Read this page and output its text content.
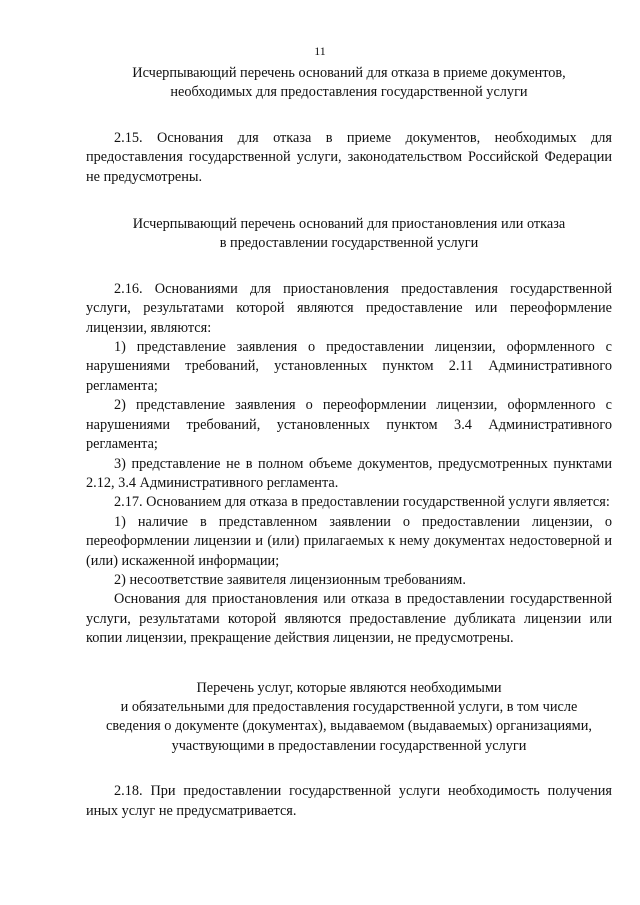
11
Исчерпывающий перечень оснований для отказа в приеме документов,
необходимых для предоставления государственной услуги

2.15. Основания для отказа в приеме документов, необходимых для предоставления государственной услуги, законодательством Российской Федерации не предусмотрены.

Исчерпывающий перечень оснований для приостановления или отказа
в предоставлении государственной услуги

2.16. Основаниями для приостановления предоставления государственной услуги, результатами которой являются предоставление или переоформление лицензии, являются:

1) представление заявления о предоставлении лицензии, оформленного с нарушениями требований, установленных пунктом 2.11 Административного регламента;

2) представление заявления о переоформлении лицензии, оформленного с нарушениями требований, установленных пунктом 3.4 Административного регламента;

3) представление не в полном объеме документов, предусмотренных пунктами 2.12, 3.4 Административного регламента.

2.17. Основанием для отказа в предоставлении государственной услуги является:

1) наличие в представленном заявлении о предоставлении лицензии, о переоформлении лицензии и (или) прилагаемых к нему документах недостоверной и (или) искаженной информации;

2) несоответствие заявителя лицензионным требованиям.

Основания для приостановления или отказа в предоставлении государственной услуги, результатами которой являются предоставление дубликата лицензии или копии лицензии, прекращение действия лицензии, не предусмотрены.

Перечень услуг, которые являются необходимыми
и обязательными для предоставления государственной услуги, в том числе
сведения о документе (документах), выдаваемом (выдаваемых) организациями,
участвующими в предоставлении государственной услуги

2.18. При предоставлении государственной услуги необходимость получения иных услуг не предусматривается.
